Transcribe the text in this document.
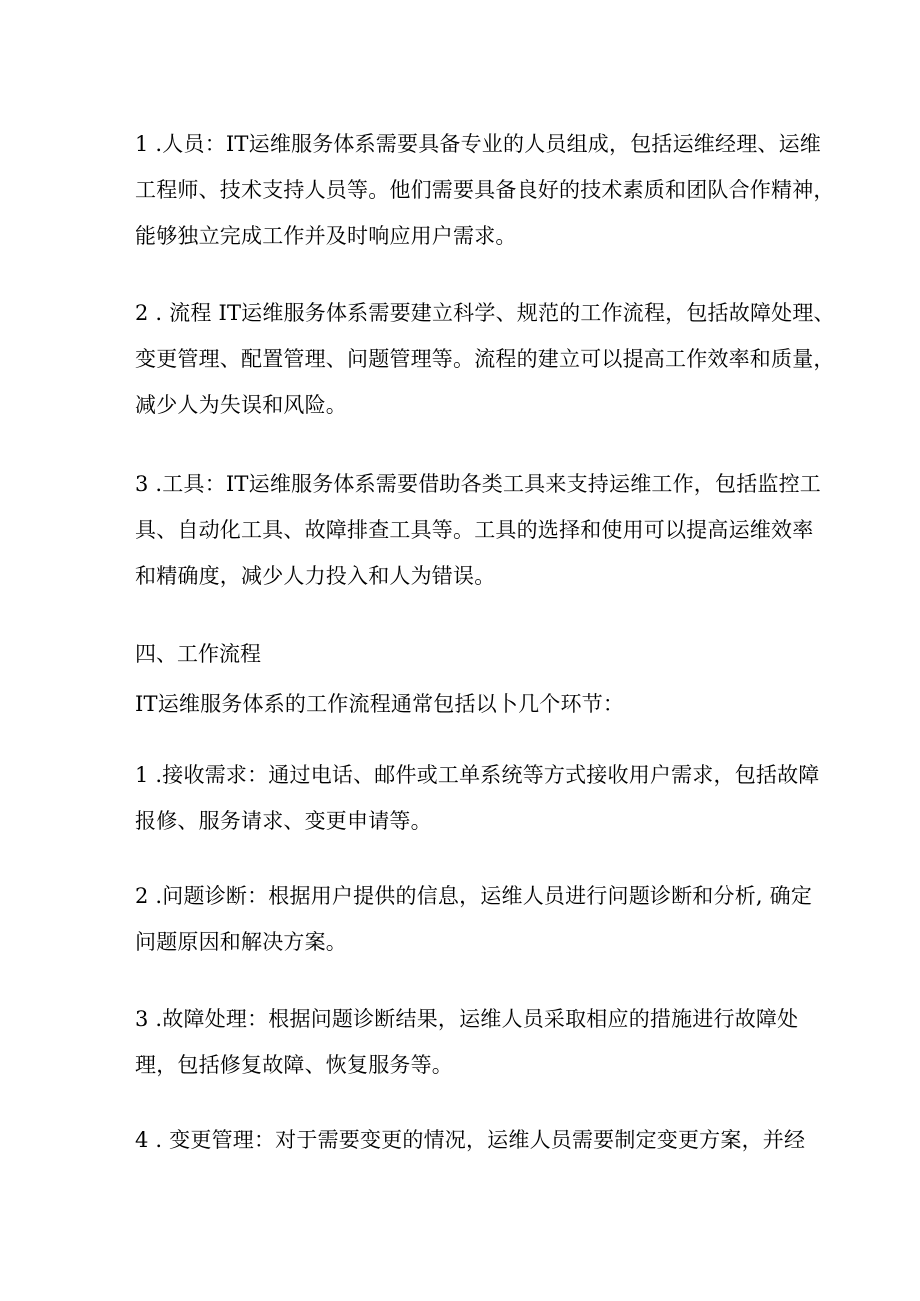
1 .人员：IT运维服务体系需要具备专业的人员组成，包括运维经理、运维
工程师、技术支持人员等。他们需要具备良好的技术素质和团队合作精神，
能够独立完成工作并及时响应用户需求。
2 . 流程 IT运维服务体系需要建立科学、规范的工作流程，包括故障处理、
变更管理、配置管理、问题管理等。流程的建立可以提高工作效率和质量，
减少人为失误和风险。
3 .工具：IT运维服务体系需要借助各类工具来支持运维工作，包括监控工
具、自动化工具、故障排查工具等。工具的选择和使用可以提高运维效率
和精确度，减少人力投入和人为错误。
四、工作流程
IT运维服务体系的工作流程通常包括以卜几个环节：
1 .接收需求：通过电话、邮件或工单系统等方式接收用户需求，包括故障
报修、服务请求、变更申请等。
2 .问题诊断：根据用户提供的信息，运维人员进行问题诊断和分析, 确定
问题原因和解决方案。
3 .故障处理：根据问题诊断结果，运维人员采取相应的措施进行故障处
理，包括修复故障、恢复服务等。
4 . 变更管理：对于需要变更的情况，运维人员需要制定变更方案，并经
